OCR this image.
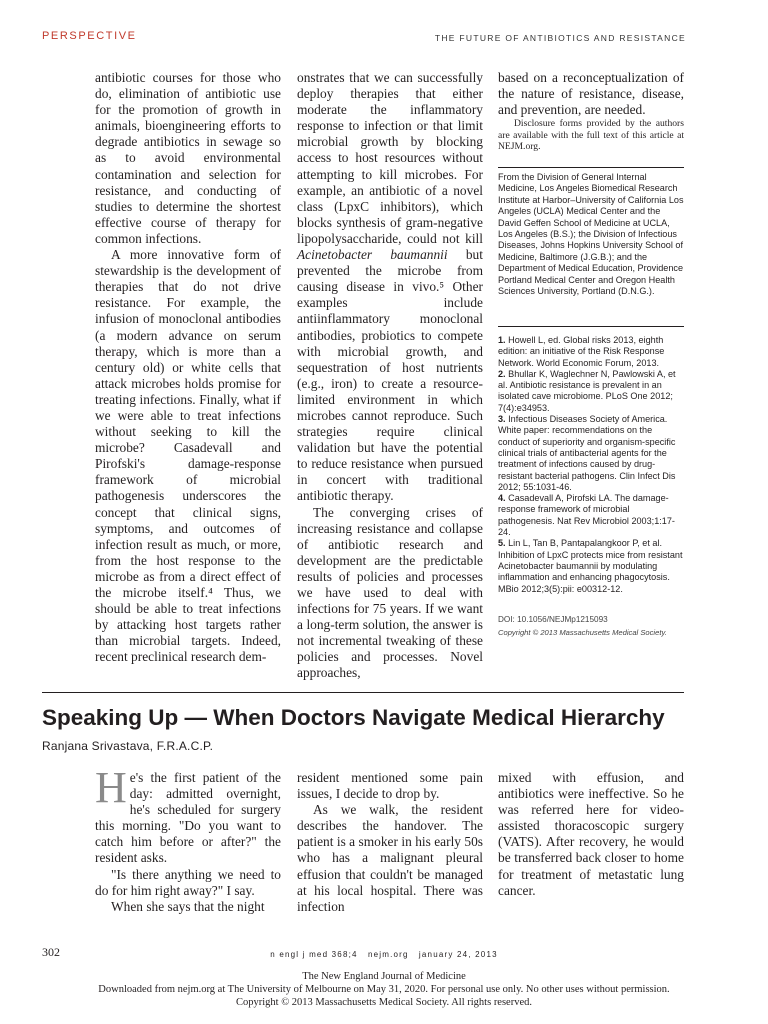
PERSPECTIVE	THE FUTURE OF ANTIBIOTICS AND RESISTANCE

antibiotic courses for those who do, elimination of antibiotic use for the promotion of growth in animals, bioengineering efforts to degrade antibiotics in sewage so as to avoid environmental contamination and selection for resistance, and conducting of studies to determine the shortest effective course of therapy for common infections.

A more innovative form of stewardship is the development of therapies that do not drive resistance. For example, the infusion of monoclonal antibodies (a modern advance on serum therapy, which is more than a century old) or white cells that attack microbes holds promise for treating infections. Finally, what if we were able to treat infections without seeking to kill the microbe? Casadevall and Pirofski's damage-response framework of microbial pathogenesis underscores the concept that clinical signs, symptoms, and outcomes of infection result as much, or more, from the host response to the microbe as from a direct effect of the microbe itself.⁴ Thus, we should be able to treat infections by attacking host targets rather than microbial targets. Indeed, recent preclinical research dem-

onstrates that we can successfully deploy therapies that either moderate the inflammatory response to infection or that limit microbial growth by blocking access to host resources without attempting to kill microbes. For example, an antibiotic of a novel class (LpxC inhibitors), which blocks synthesis of gram-negative lipopolysaccharide, could not kill Acinetobacter baumannii but prevented the microbe from causing disease in vivo.⁵ Other examples include antiinflammatory monoclonal antibodies, probiotics to compete with microbial growth, and sequestration of host nutrients (e.g., iron) to create a resource-limited environment in which microbes cannot reproduce. Such strategies require clinical validation but have the potential to reduce resistance when pursued in concert with traditional antibiotic therapy.

The converging crises of increasing resistance and collapse of antibiotic research and development are the predictable results of policies and processes we have used to deal with infections for 75 years. If we want a long-term solution, the answer is not incremental tweaking of these policies and processes. Novel approaches,

based on a reconceptualization of the nature of resistance, disease, and prevention, are needed.

Disclosure forms provided by the authors are available with the full text of this article at NEJM.org.

From the Division of General Internal Medicine, Los Angeles Biomedical Research Institute at Harbor–University of California Los Angeles (UCLA) Medical Center and the David Geffen School of Medicine at UCLA, Los Angeles (B.S.); the Division of Infectious Diseases, Johns Hopkins University School of Medicine, Baltimore (J.G.B.); and the Department of Medical Education, Providence Portland Medical Center and Oregon Health Sciences University, Portland (D.N.G.).

1. Howell L, ed. Global risks 2013, eighth edition: an initiative of the Risk Response Network. World Economic Forum, 2013.

2. Bhullar K, Waglechner N, Pawlowski A, et al. Antibiotic resistance is prevalent in an isolated cave microbiome. PLoS One 2012; 7(4):e34953.

3. Infectious Diseases Society of America. White paper: recommendations on the conduct of superiority and organism-specific clinical trials of antibacterial agents for the treatment of infections caused by drug-resistant bacterial pathogens. Clin Infect Dis 2012; 55:1031-46.

4. Casadevall A, Pirofski LA. The damage-response framework of microbial pathogenesis. Nat Rev Microbiol 2003;1:17-24.

5. Lin L, Tan B, Pantapalangkoor P, et al. Inhibition of LpxC protects mice from resistant Acinetobacter baumannii by modulating inflammation and enhancing phagocytosis. MBio 2012;3(5):pii: e00312-12.

DOI: 10.1056/NEJMp1215093
Copyright © 2013 Massachusetts Medical Society.
Speaking Up — When Doctors Navigate Medical Hierarchy
Ranjana Srivastava, F.R.A.C.P.

He's the first patient of the day: admitted overnight, he's scheduled for surgery this morning. "Do you want to catch him before or after?" the resident asks.

"Is there anything we need to do for him right away?" I say.

When she says that the night

resident mentioned some pain issues, I decide to drop by.

As we walk, the resident describes the handover. The patient is a smoker in his early 50s who has a malignant pleural effusion that couldn't be managed at his local hospital. There was infection

mixed with effusion, and antibiotics were ineffective. So he was referred here for video-assisted thoracoscopic surgery (VATS). After recovery, he would be transferred back closer to home for treatment of metastatic lung cancer.

302	n engl j med 368;4   nejm.org   january 24, 2013
The New England Journal of Medicine
Downloaded from nejm.org at The University of Melbourne on May 31, 2020. For personal use only. No other uses without permission.
Copyright © 2013 Massachusetts Medical Society. All rights reserved.
